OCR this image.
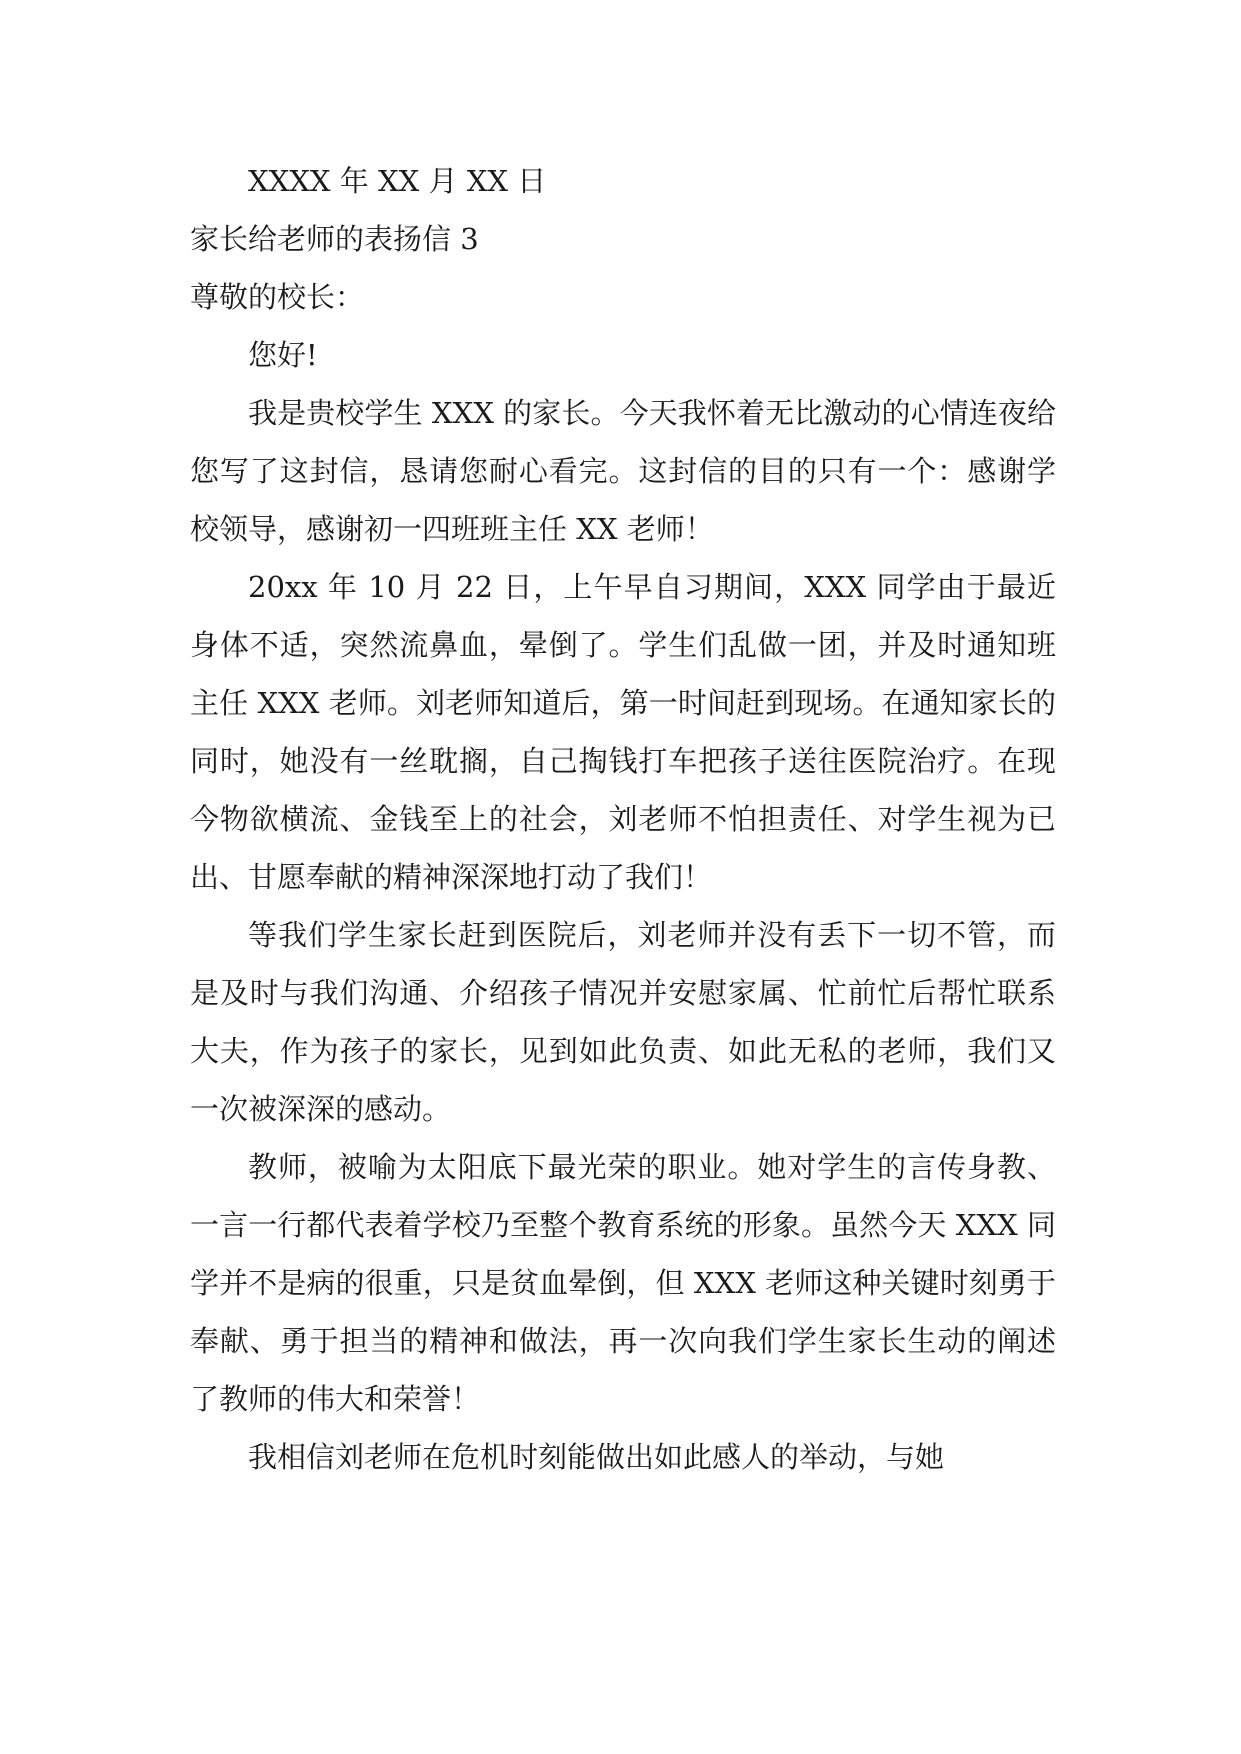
XXXX 年 XX 月 XX 日

家长给老师的表扬信 3

尊敬的校长：

您好!

我是贵校学生 XXX 的家长。今天我怀着无比激动的心情连夜给您写了这封信，恳请您耐心看完。这封信的目的只有一个：感谢学校领导，感谢初一四班班主任 XX 老师！

20xx 年 10 月 22 日，上午早自习期间，XXX 同学由于最近身体不适，突然流鼻血，晕倒了。学生们乱做一团，并及时通知班主任 XXX 老师。刘老师知道后，第一时间赶到现场。在通知家长的同时，她没有一丝耽搁，自己掏钱打车把孩子送往医院治疗。在现今物欲横流、金钱至上的社会，刘老师不怕担责任、对学生视为已出、甘愿奉献的精神深深地打动了我们！

等我们学生家长赶到医院后，刘老师并没有丢下一切不管，而是及时与我们沟通、介绍孩子情况并安慰家属、忙前忙后帮忙联系大夫，作为孩子的家长，见到如此负责、如此无私的老师，我们又一次被深深的感动。

教师，被喻为太阳底下最光荣的职业。她对学生的言传身教、一言一行都代表着学校乃至整个教育系统的形象。虽然今天 XXX 同学并不是病的很重，只是贫血晕倒，但 XXX 老师这种关键时刻勇于奉献、勇于担当的精神和做法，再一次向我们学生家长生动的阐述了教师的伟大和荣誉！

我相信刘老师在危机时刻能做出如此感人的举动，与她
